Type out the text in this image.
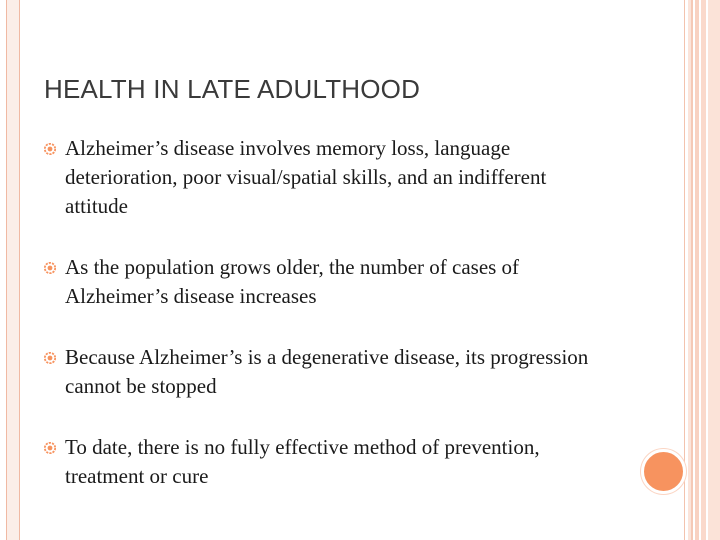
HEALTH IN LATE ADULTHOOD
Alzheimer’s disease involves memory loss, language deterioration, poor visual/spatial skills, and an indifferent attitude
As the population grows older, the number of cases of Alzheimer’s disease increases
Because Alzheimer’s is a degenerative disease, its progression cannot be stopped
To date, there is no fully effective method of prevention, treatment or cure
